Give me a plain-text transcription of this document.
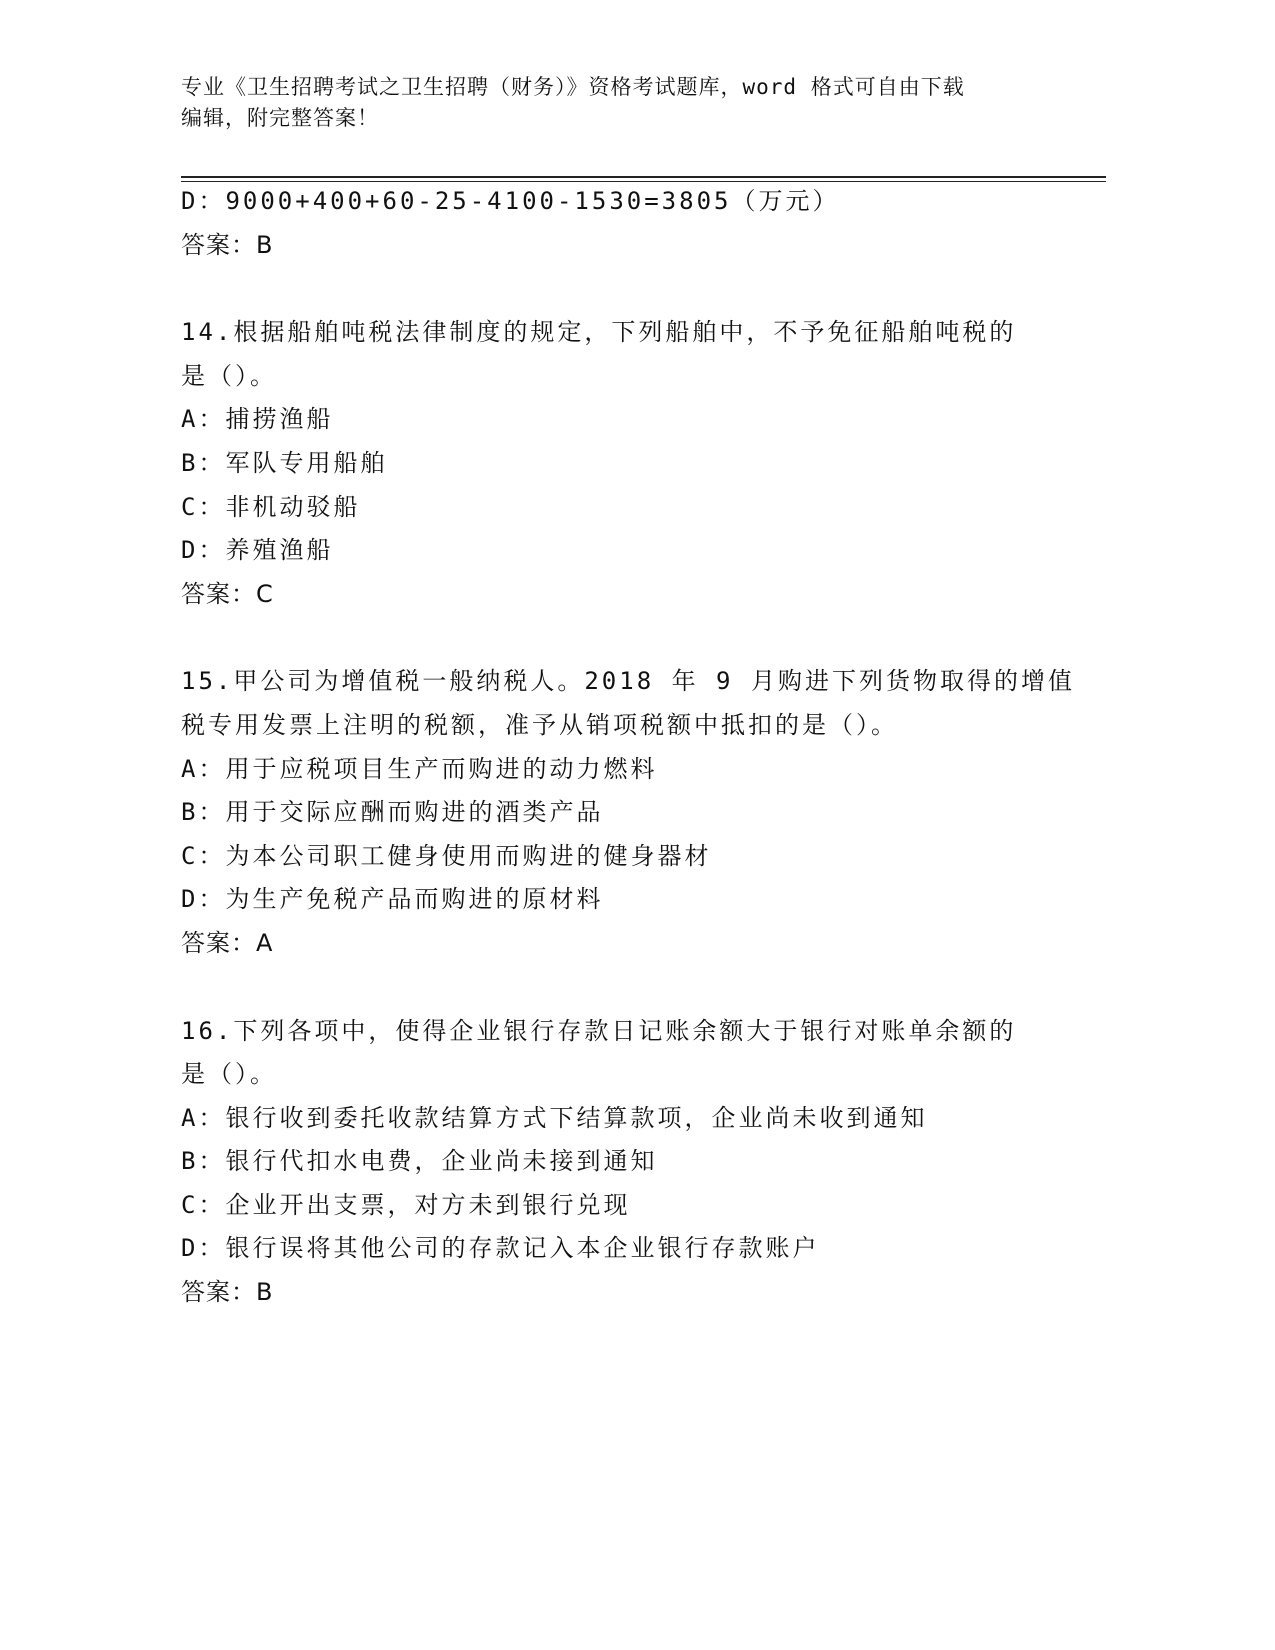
专业《卫生招聘考试之卫生招聘（财务）》资格考试题库，word 格式可自由下载
编辑，附完整答案！
D：9000+400+60-25-4100-1530=3805（万元）
答案：B
14.根据船舶吨税法律制度的规定，下列船舶中，不予免征船舶吨税的
是（）。
A：捕捞渔船
B：军队专用船舶
C：非机动驳船
D：养殖渔船
答案：C
15.甲公司为增值税一般纳税人。2018 年 9 月购进下列货物取得的增值
税专用发票上注明的税额，准予从销项税额中抵扣的是（）。
A：用于应税项目生产而购进的动力燃料
B：用于交际应酬而购进的酒类产品
C：为本公司职工健身使用而购进的健身器材
D：为生产免税产品而购进的原材料
答案：A
16.下列各项中，使得企业银行存款日记账余额大于银行对账单余额的
是（）。
A：银行收到委托收款结算方式下结算款项，企业尚未收到通知
B：银行代扣水电费，企业尚未接到通知
C：企业开出支票，对方未到银行兑现
D：银行误将其他公司的存款记入本企业银行存款账户
答案：B
